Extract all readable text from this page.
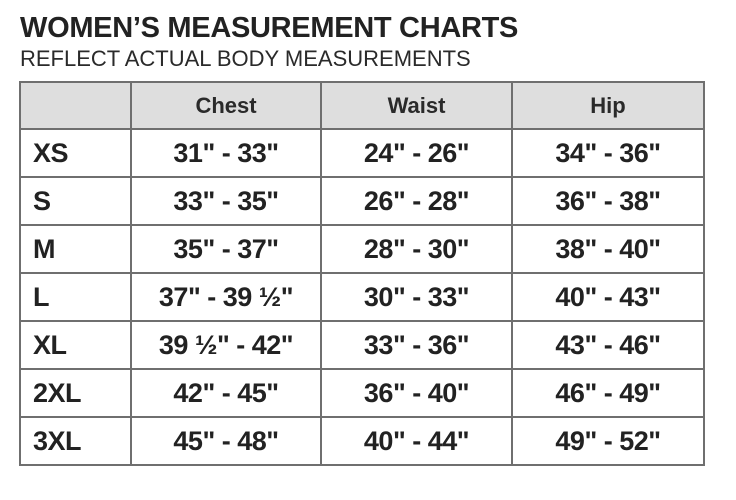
WOMEN’S MEASUREMENT CHARTS
REFLECT ACTUAL BODY MEASUREMENTS
	Chest	Waist	Hip
XS	31" - 33"	24" - 26"	34" - 36"
S	33" - 35"	26" - 28"	36" - 38"
M	35" - 37"	28" - 30"	38" - 40"
L	37" - 39 ½"	30" - 33"	40" - 43"
XL	39 ½" - 42"	33" - 36"	43" - 46"
2XL	42" - 45"	36" - 40"	46" - 49"
3XL	45" - 48"	40" - 44"	49" - 52"
